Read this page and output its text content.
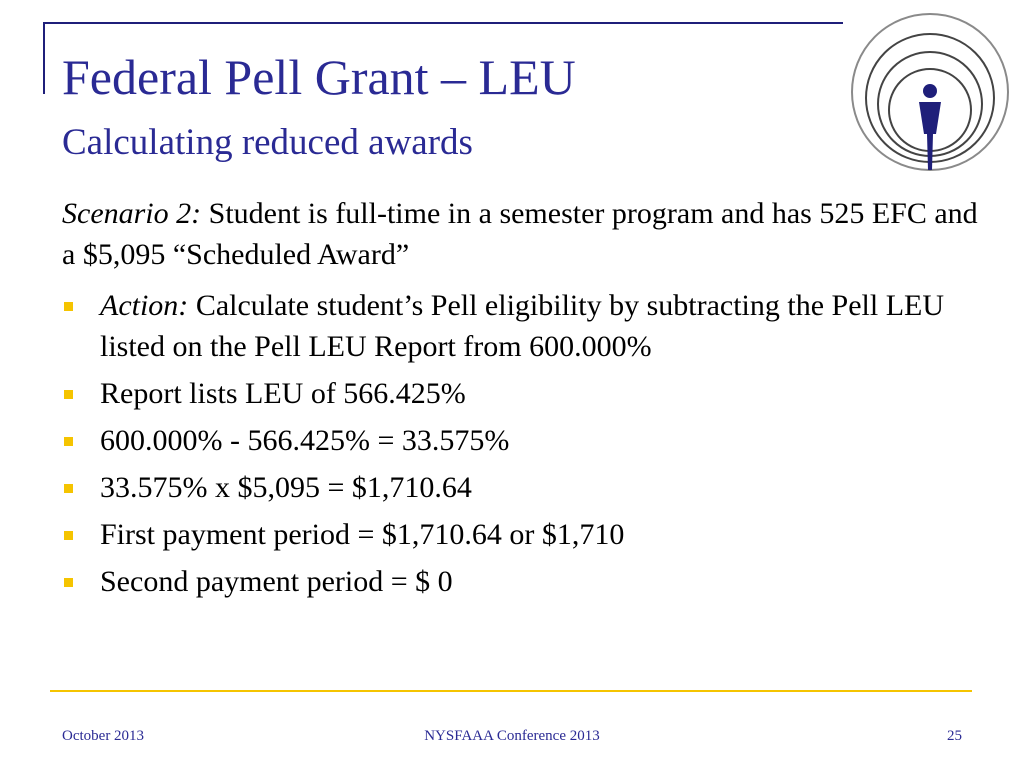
Federal Pell Grant – LEU
Calculating reduced awards

Scenario 2: Student is full-time in a semester program and has 525 EFC and a $5,095 “Scheduled Award”

Action: Calculate student’s Pell eligibility by subtracting the Pell LEU listed on the Pell LEU Report from 600.000%
Report lists LEU of 566.425%
600.000% - 566.425% = 33.575%
33.575% x $5,095 = $1,710.64
First payment period = $1,710.64 or $1,710
Second payment period = $ 0
October 2013	NYSFAAA Conference 2013	25
